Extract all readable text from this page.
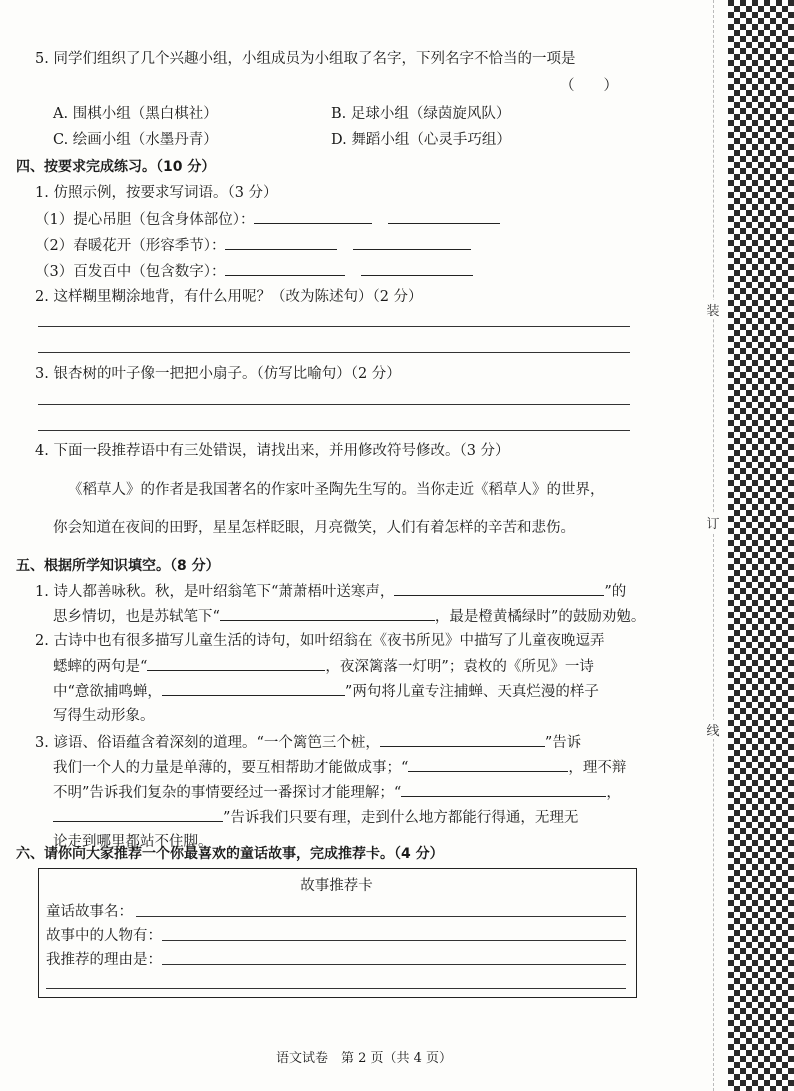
装
订
线
5. 同学们组织了几个兴趣小组，小组成员为小组取了名字，下列名字不恰当的一项是
（　　）
A. 围棋小组（黑白棋社）	B. 足球小组（绿茵旋风队）
C. 绘画小组（水墨丹青）	D. 舞蹈小组（心灵手巧组）
四、按要求完成练习。（10 分）
1. 仿照示例，按要求写词语。（3 分）
（1）提心吊胆（包含身体部位）：
（2）春暖花开（形容季节）：
（3）百发百中（包含数字）：
2. 这样糊里糊涂地背，有什么用呢？（改为陈述句）（2 分）
3. 银杏树的叶子像一把把小扇子。（仿写比喻句）（2 分）
4. 下面一段推荐语中有三处错误，请找出来，并用修改符号修改。（3 分）
《稻草人》的作者是我国著名的作家叶圣陶先生写的。当你走近《稻草人》的世界，
你会知道在夜间的田野，星星怎样眨眼，月亮微笑，人们有着怎样的辛苦和悲伤。
五、根据所学知识填空。（8 分）
1. 诗人都善咏秋。秋，是叶绍翁笔下“萧萧梧叶送寒声，	”的
思乡情切，也是苏轼笔下“	，最是橙黄橘绿时”的鼓励劝勉。
2. 古诗中也有很多描写儿童生活的诗句，如叶绍翁在《夜书所见》中描写了儿童夜晚逗弄
蟋蟀的两句是“	，夜深篱落一灯明”；袁枚的《所见》一诗
中“意欲捕鸣蝉，	”两句将儿童专注捕蝉、天真烂漫的样子
写得生动形象。
3. 谚语、俗语蕴含着深刻的道理。“一个篱笆三个桩，	”告诉
我们一个人的力量是单薄的，要互相帮助才能做成事；“	，理不辩
不明”告诉我们复杂的事情要经过一番探讨才能理解；“	，
”告诉我们只要有理，走到什么地方都能行得通，无理无
论走到哪里都站不住脚。
六、请你向大家推荐一个你最喜欢的童话故事，完成推荐卡。（4 分）
故事推荐卡
童话故事名：
故事中的人物有：
我推荐的理由是：
语文试卷　第 2 页（共 4 页）
